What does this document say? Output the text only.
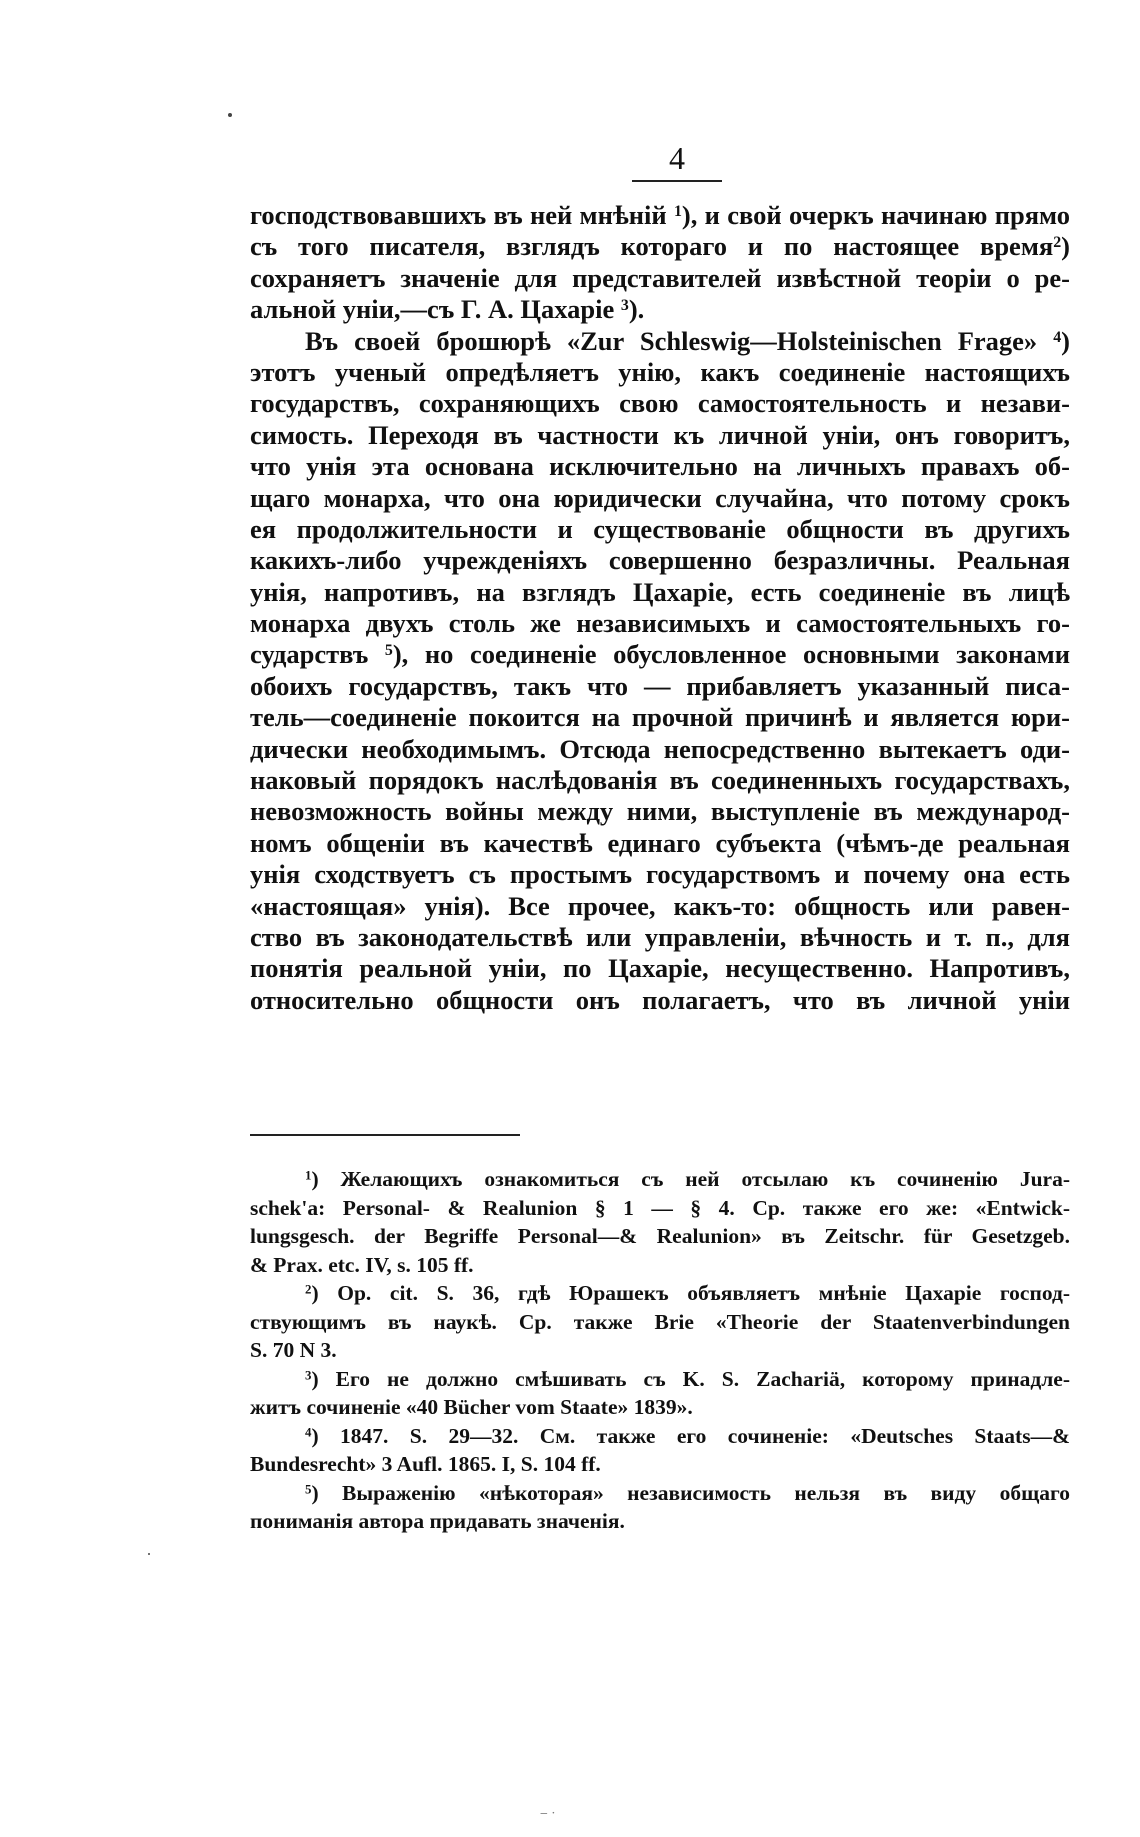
4
господствовавшихъ въ ней мнѣній $^1$), и свой очеркъ начинаю прямо
съ того писателя, взглядъ котораго и по настоящее время$^2$)
сохраняетъ значеніе для представителей извѣстной теоріи о ре-
альной уніи,—съ Г. А. Цахаріе $^3$).
Въ своей брошюрѣ «Zur Schleswig—Holsteinischen Frage» $^4$)
этотъ ученый опредѣляетъ унію, какъ соединеніе настоящихъ
государствъ, сохраняющихъ свою самостоятельность и незави-
симость. Переходя въ частности къ личной уніи, онъ говоритъ,
что унія эта основана исключительно на личныхъ правахъ об-
щаго монарха, что она юридически случайна, что потому срокъ
ея продолжительности и существованіе общности въ другихъ
какихъ-либо учрежденіяхъ совершенно безразличны. Реальная
унія, напротивъ, на взглядъ Цахаріе, есть соединеніе въ лицѣ
монарха двухъ столь же независимыхъ и самостоятельныхъ го-
сударствъ $^5$), но соединеніе обусловленное основными законами
обоихъ государствъ, такъ что — прибавляетъ указанный писа-
тель—соединеніе покоится на прочной причинѣ и является юри-
дически необходимымъ. Отсюда непосредственно вытекаетъ оди-
наковый порядокъ наслѣдованія въ соединенныхъ государствахъ,
невозможность войны между ними, выступленіе въ международ-
номъ общеніи въ качествѣ единаго субъекта (чѣмъ-де реальная
унія сходствуетъ съ простымъ государствомъ и почему она есть
«настоящая» унія). Все прочее, какъ-то: общность или равен-
ство въ законодательствѣ или управленіи, вѣчность и т. п., для
понятія реальной уніи, по Цахаріе, несущественно. Напротивъ,
относительно общности онъ полагаетъ, что въ личной уніи
$^1$) Желающихъ ознакомиться съ ней отсылаю къ сочиненію Jura-
schek'a: Personal- & Realunion § 1 — § 4. Ср. также его же: «Entwick-
lungsgesch. der Begriffe Personal—& Realunion» въ Zeitschr. für Gesetzgeb.
& Prax. etc. IV, s. 105 ff.
$^2$) Op. cit. S. 36, гдѣ Юрашекъ объявляетъ мнѣніе Цахаріе господ-
ствующимъ въ наукѣ. Ср. также Brie «Theorie der Staatenverbindungen
S. 70 N 3.
$^3$) Его не должно смѣшивать съ K. S. Zachariä, которому принадле-
житъ сочиненіе «40 Bücher vom Staate» 1839».
$^4$) 1847. S. 29—32. См. также его сочиненіе: «Deutsches Staats—&
Bundesrecht» 3 Aufl. 1865. I, S. 104 ff.
$^5$) Выраженію «нѣкоторая» независимость нельзя въ виду общаго
пониманія автора придавать значенія.
‒ ·
